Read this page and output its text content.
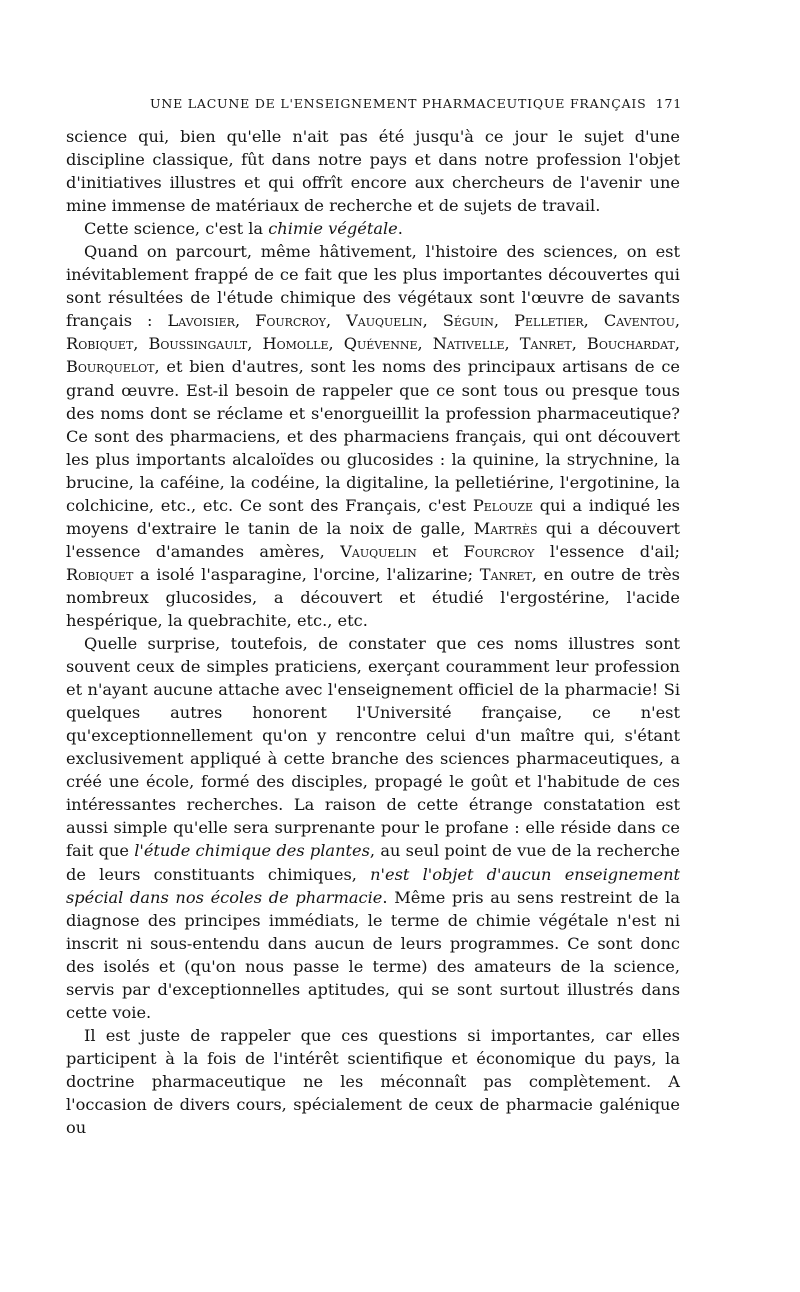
UNE LACUNE DE L'ENSEIGNEMENT PHARMACEUTIQUE FRANÇAIS 171

science qui, bien qu'elle n'ait pas été jusqu'à ce jour le sujet d'une discipline classique, fût dans notre pays et dans notre profession l'objet d'initiatives illustres et qui offrît encore aux chercheurs de l'avenir une mine immense de matériaux de recherche et de sujets de travail.

Cette science, c'est la chimie végétale.

Quand on parcourt, même hâtivement, l'histoire des sciences, on est inévitablement frappé de ce fait que les plus importantes découvertes qui sont résultées de l'étude chimique des végétaux sont l'œuvre de savants français : Lavoisier, Fourcroy, Vauquelin, Séguin, Pelletier, Caventou, Robiquet, Boussingault, Homolle, Quévenne, Nativelle, Tanret, Bouchardat, Bourquelot, et bien d'autres, sont les noms des principaux artisans de ce grand œuvre. Est-il besoin de rappeler que ce sont tous ou presque tous des noms dont se réclame et s'enorgueillit la profession pharmaceutique? Ce sont des pharmaciens, et des pharmaciens français, qui ont découvert les plus importants alcaloïdes ou glucosides : la quinine, la strychnine, la brucine, la caféine, la codéine, la digitaline, la pelletiérine, l'ergotinine, la colchicine, etc., etc. Ce sont des Français, c'est Pelouze qui a indiqué les moyens d'extraire le tanin de la noix de galle, Martrès qui a découvert l'essence d'amandes amères, Vauquelin et Fourcroy l'essence d'ail; Robiquet a isolé l'asparagine, l'orcine, l'alizarine; Tanret, en outre de très nombreux glucosides, a découvert et étudié l'ergostérine, l'acide hespérique, la quebrachite, etc., etc.

Quelle surprise, toutefois, de constater que ces noms illustres sont souvent ceux de simples praticiens, exerçant couramment leur profession et n'ayant aucune attache avec l'enseignement officiel de la pharmacie! Si quelques autres honorent l'Université française, ce n'est qu'exceptionnellement qu'on y rencontre celui d'un maître qui, s'étant exclusivement appliqué à cette branche des sciences pharmaceutiques, a créé une école, formé des disciples, propagé le goût et l'habitude de ces intéressantes recherches. La raison de cette étrange constatation est aussi simple qu'elle sera surprenante pour le profane : elle réside dans ce fait que l'étude chimique des plantes, au seul point de vue de la recherche de leurs constituants chimiques, n'est l'objet d'aucun enseignement spécial dans nos écoles de pharmacie. Même pris au sens restreint de la diagnose des principes immédiats, le terme de chimie végétale n'est ni inscrit ni sous-entendu dans aucun de leurs programmes. Ce sont donc des isolés et (qu'on nous passe le terme) des amateurs de la science, servis par d'exceptionnelles aptitudes, qui se sont surtout illustrés dans cette voie.

Il est juste de rappeler que ces questions si importantes, car elles participent à la fois de l'intérêt scientifique et économique du pays, la doctrine pharmaceutique ne les méconnaît pas complètement. A l'occasion de divers cours, spécialement de ceux de pharmacie galénique ou
